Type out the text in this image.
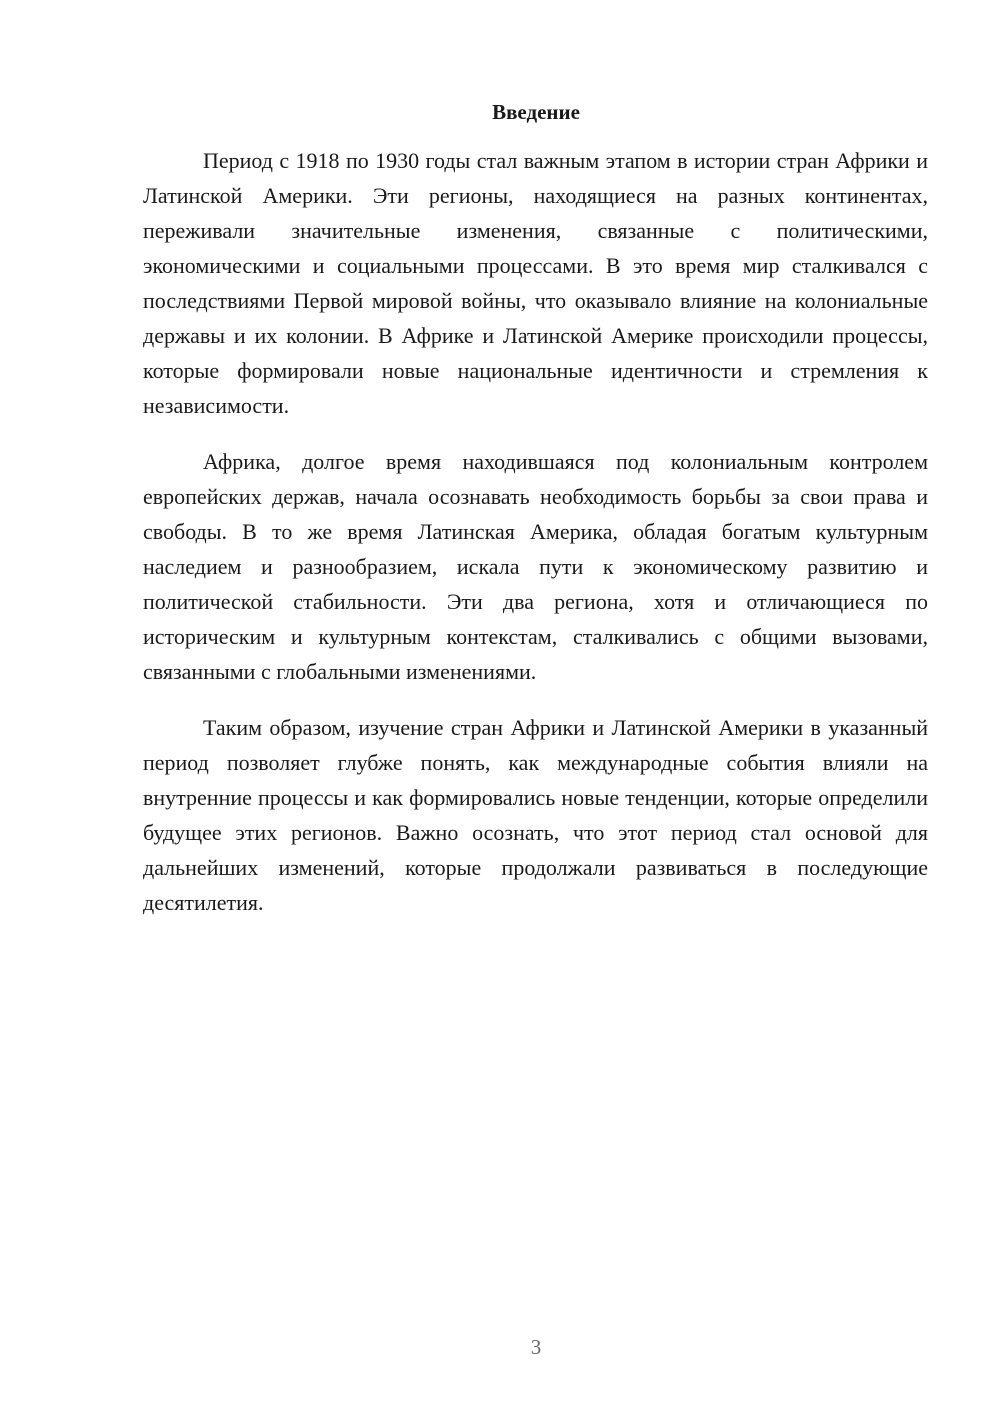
Введение

Период с 1918 по 1930 годы стал важным этапом в истории стран Африки и Латинской Америки. Эти регионы, находящиеся на разных континентах, переживали значительные изменения, связанные с политическими, экономическими и социальными процессами. В это время мир сталкивался с последствиями Первой мировой войны, что оказывало влияние на колониальные державы и их колонии. В Африке и Латинской Америке происходили процессы, которые формировали новые национальные идентичности и стремления к независимости.

Африка, долгое время находившаяся под колониальным контролем европейских держав, начала осознавать необходимость борьбы за свои права и свободы. В то же время Латинская Америка, обладая богатым культурным наследием и разнообразием, искала пути к экономическому развитию и политической стабильности. Эти два региона, хотя и отличающиеся по историческим и культурным контекстам, сталкивались с общими вызовами, связанными с глобальными изменениями.

Таким образом, изучение стран Африки и Латинской Америки в указанный период позволяет глубже понять, как международные события влияли на внутренние процессы и как формировались новые тенденции, которые определили будущее этих регионов. Важно осознать, что этот период стал основой для дальнейших изменений, которые продолжали развиваться в последующие десятилетия.

3
